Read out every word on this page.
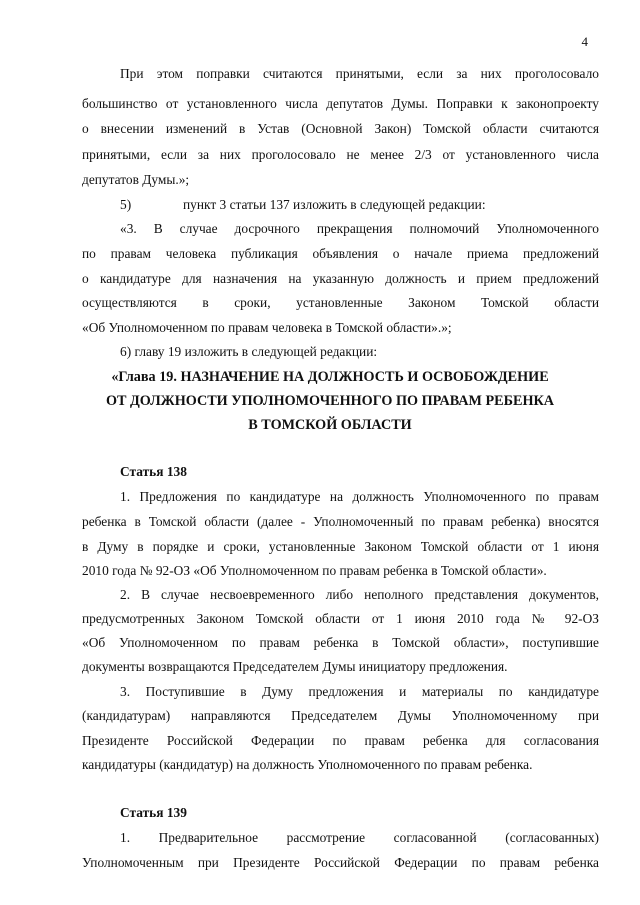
4
При этом поправки считаются принятыми, если за них проголосовало
большинство от установленного числа депутатов Думы. Поправки к законопроекту
о внесении изменений в Устав (Основной Закон) Томской области считаются
принятыми, если за них проголосовало не менее 2/3 от установленного числа
депутатов Думы.»;
5)	пункт 3 статьи 137 изложить в следующей редакции:
«3. В случае досрочного прекращения полномочий Уполномоченного
по правам человека публикация объявления о начале приема предложений
о кандидатуре для назначения на указанную должность и прием предложений
осуществляются в сроки, установленные Законом Томской области
«Об Уполномоченном по правам человека в Томской области».»;
6) главу 19 изложить в следующей редакции:
«Глава 19. НАЗНАЧЕНИЕ НА ДОЛЖНОСТЬ И ОСВОБОЖДЕНИЕ
ОТ ДОЛЖНОСТИ УПОЛНОМОЧЕННОГО ПО ПРАВАМ РЕБЕНКА
В ТОМСКОЙ ОБЛАСТИ
Статья 138
1. Предложения по кандидатуре на должность Уполномоченного по правам
ребенка в Томской области (далее - Уполномоченный по правам ребенка) вносятся
в Думу в порядке и сроки, установленные Законом Томской области от 1 июня
2010 года № 92-ОЗ «Об Уполномоченном по правам ребенка в Томской области».
2. В случае несвоевременного либо неполного представления документов,
предусмотренных Законом Томской области от 1 июня 2010 года № 92-ОЗ
«Об Уполномоченном по правам ребенка в Томской области», поступившие
документы возвращаются Председателем Думы инициатору предложения.
3. Поступившие в Думу предложения и материалы по кандидатуре
(кандидатурам) направляются Председателем Думы Уполномоченному при
Президенте Российской Федерации по правам ребенка для согласования
кандидатуры (кандидатур) на должность Уполномоченного по правам ребенка.
Статья 139
1. Предварительное рассмотрение согласованной (согласованных)
Уполномоченным при Президенте Российской Федерации по правам ребенка
